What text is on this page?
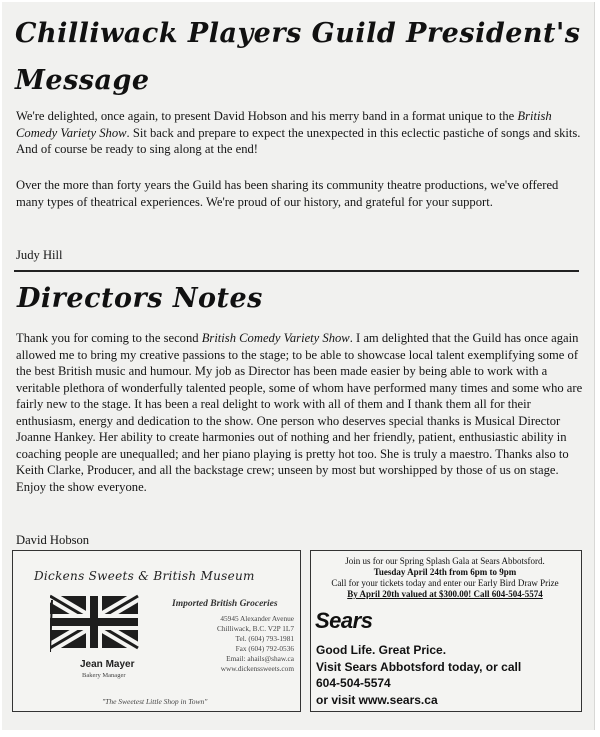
Chilliwack Players Guild President's
Message

We're delighted, once again, to present David Hobson and his merry band in a format unique to the British Comedy Variety Show. Sit back and prepare to expect the unexpected in this eclectic pastiche of songs and skits. And of course be ready to sing along at the end!

Over the more than forty years the Guild has been sharing its community theatre productions, we've offered many types of theatrical experiences. We're proud of our history, and grateful for your support.

Judy Hill
Directors Notes

Thank you for coming to the second British Comedy Variety Show. I am delighted that the Guild has once again allowed me to bring my creative passions to the stage; to be able to showcase local talent exemplifying some of the best British music and humour. My job as Director has been made easier by being able to work with a veritable plethora of wonderfully talented people, some of whom have performed many times and some who are fairly new to the stage. It has been a real delight to work with all of them and I thank them all for their enthusiasm, energy and dedication to the show. One person who deserves special thanks is Musical Director Joanne Hankey. Her ability to create harmonies out of nothing and her friendly, patient, enthusiastic ability in coaching people are unequalled; and her piano playing is pretty hot too. She is truly a maestro. Thanks also to Keith Clarke, Producer, and all the backstage crew; unseen by most but worshipped by those of us on stage. Enjoy the show everyone.

David Hobson
Dickens Sweets & British Museum
Jean Mayer
Bakery Manager
Imported British Groceries
45945 Alexander Avenue
Chilliwack, B.C. V2P 1L7
Tel. (604) 793-1981
Fax (604) 792-0536
Email: ahails@shaw.ca
www.dickenssweets.com
"The Sweetest Little Shop in Town"
Join us for our Spring Splash Gala at Sears Abbotsford.
Tuesday April 24th from 6pm to 9pm
Call for your tickets today and enter our Early Bird Draw Prize
By April 20th valued at $300.00! Call 604-504-5574
Sears
Good Life. Great Price.
Visit Sears Abbotsford today, or call
604-504-5574
or visit www.sears.ca
